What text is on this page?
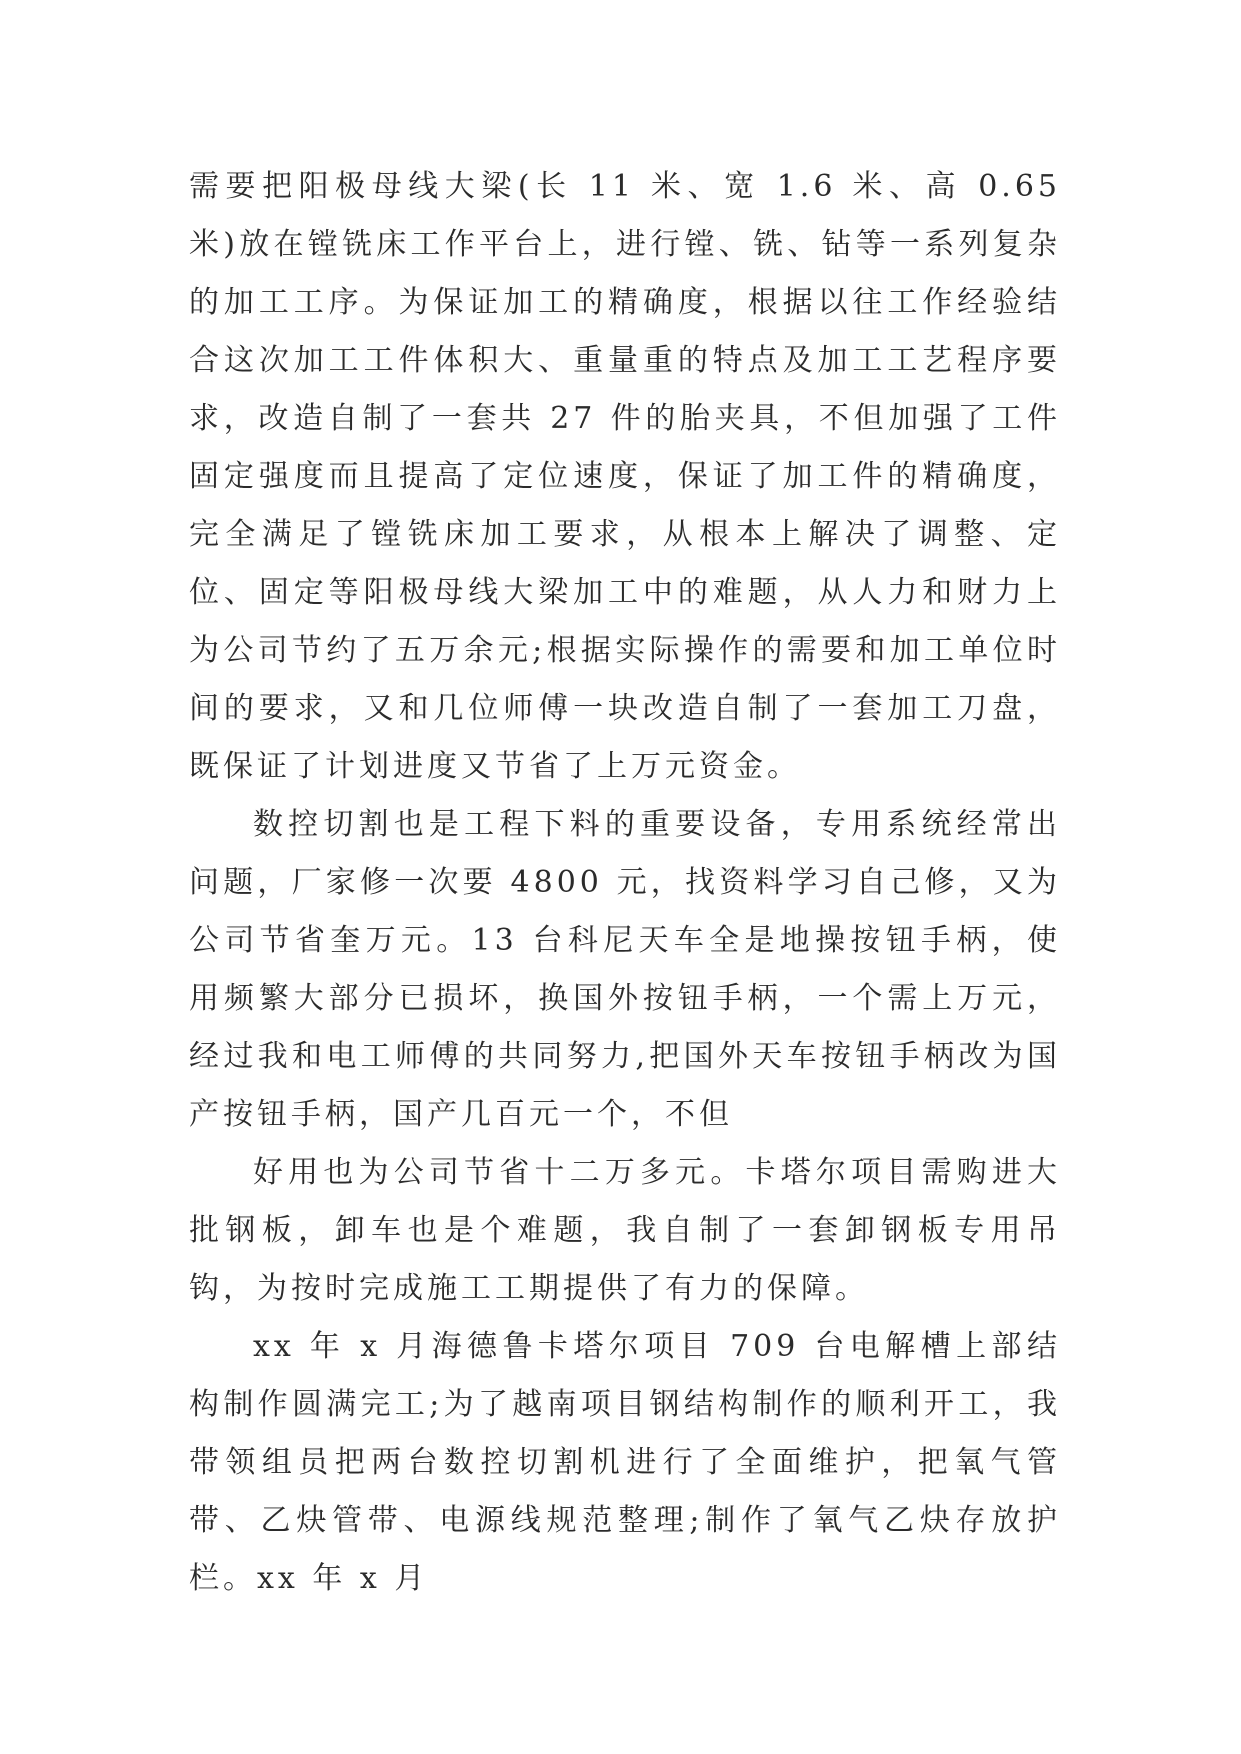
需要把阳极母线大梁(长 11 米、宽 1.6 米、高 0.65 米)放在镗铣床工作平台上，进行镗、铣、钻等一系列复杂的加工工序。为保证加工的精确度，根据以往工作经验结合这次加工工件体积大、重量重的特点及加工工艺程序要求，改造自制了一套共 27 件的胎夹具，不但加强了工件固定强度而且提高了定位速度，保证了加工件的精确度，完全满足了镗铣床加工要求，从根本上解决了调整、定位、固定等阳极母线大梁加工中的难题，从人力和财力上为公司节约了五万余元;根据实际操作的需要和加工单位时间的要求，又和几位师傅一块改造自制了一套加工刀盘，既保证了计划进度又节省了上万元资金。

数控切割也是工程下料的重要设备，专用系统经常出问题，厂家修一次要 4800 元，找资料学习自己修，又为公司节省奎万元。13 台科尼天车全是地操按钮手柄，使用频繁大部分已损坏，换国外按钮手柄，一个需上万元，经过我和电工师傅的共同努力,把国外天车按钮手柄改为国产按钮手柄，国产几百元一个，不但

好用也为公司节省十二万多元。卡塔尔项目需购进大批钢板，卸车也是个难题，我自制了一套卸钢板专用吊钩，为按时完成施工工期提供了有力的保障。

xx 年 x 月海德鲁卡塔尔项目 709 台电解槽上部结构制作圆满完工;为了越南项目钢结构制作的顺利开工，我带领组员把两台数控切割机进行了全面维护，把氧气管带、乙炔管带、电源线规范整理;制作了氧气乙炔存放护栏。xx 年 x 月
